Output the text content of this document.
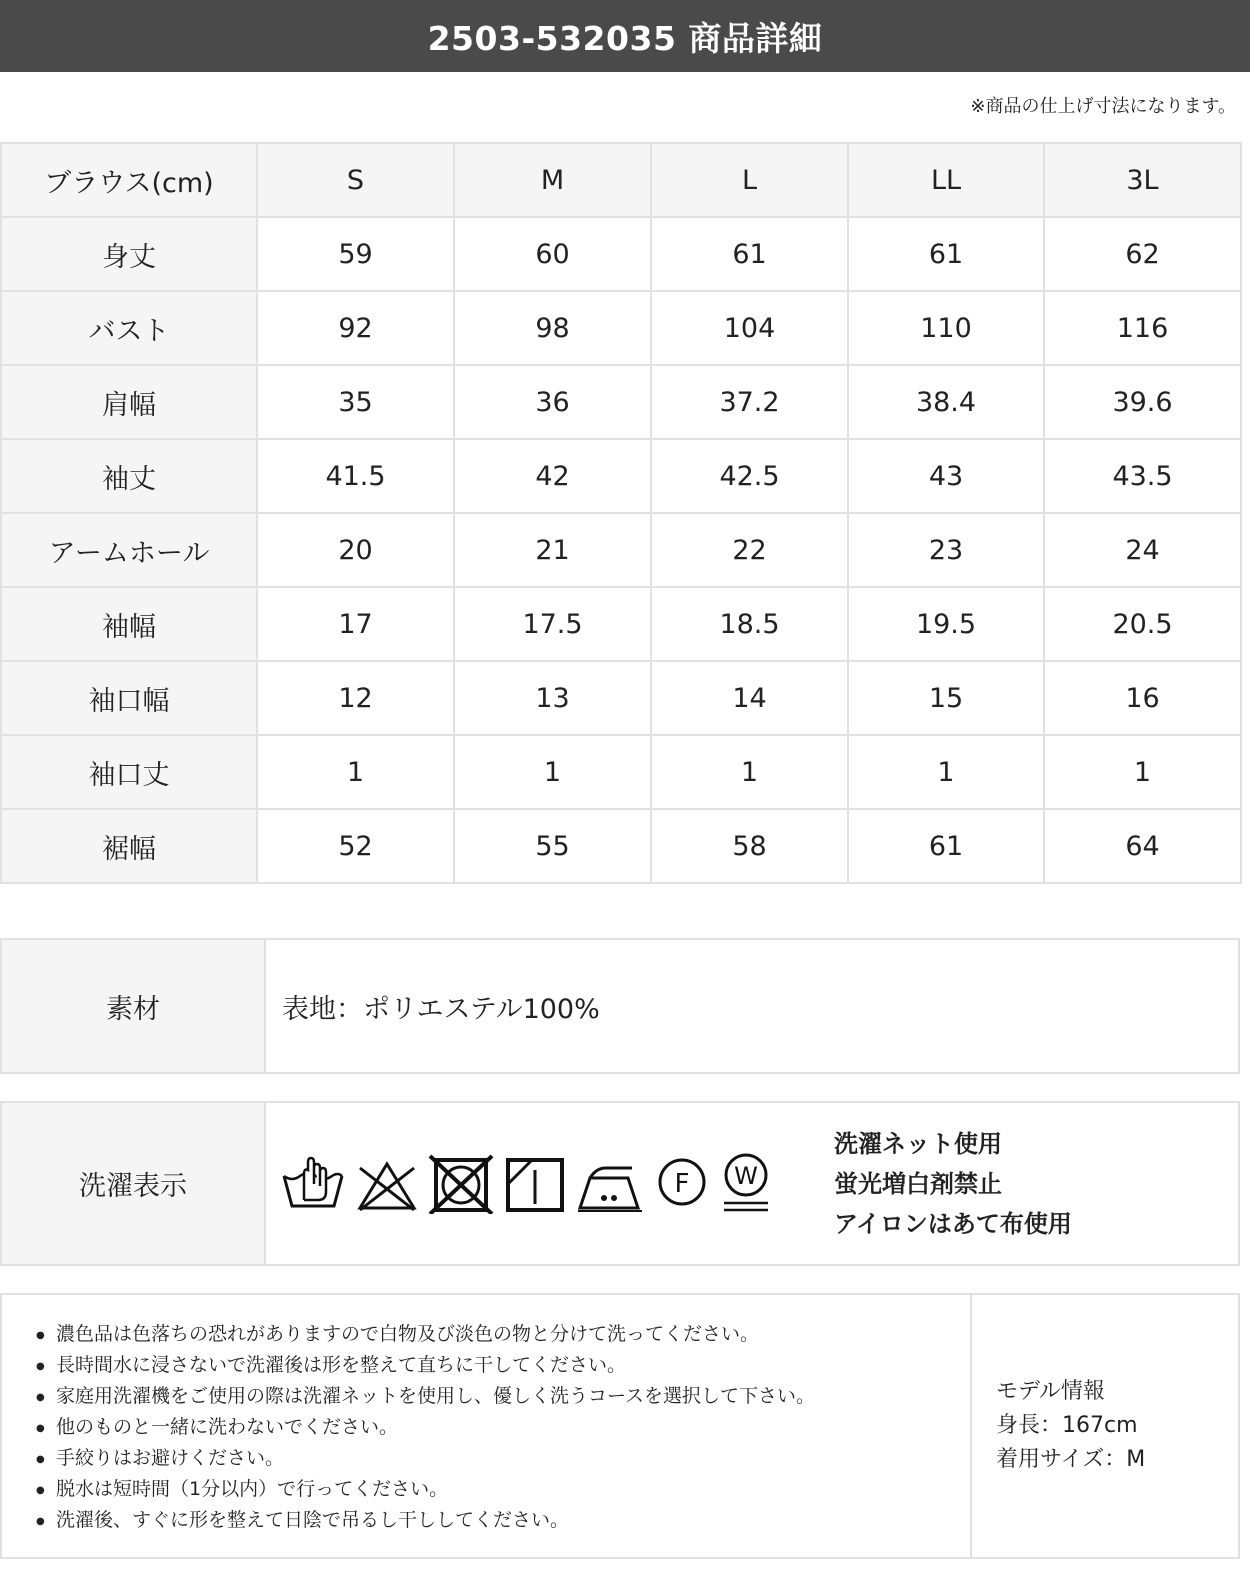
2503-532035 商品詳細
※商品の仕上げ寸法になります。
ブラウス(cm)	S	M	L	LL	3L
身丈	59	60	61	61	62
バスト	92	98	104	110	116
肩幅	35	36	37.2	38.4	39.6
袖丈	41.5	42	42.5	43	43.5
アームホール	20	21	22	23	24
袖幅	17	17.5	18.5	19.5	20.5
袖口幅	12	13	14	15	16
袖口丈	1	1	1	1	1
裾幅	52	55	58	61	64
素材	表地：ポリエステル100%
洗濯表示	F W
洗濯ネット使用
蛍光増白剤禁止
アイロンはあて布使用
● 濃色品は色落ちの恐れがありますので白物及び淡色の物と分けて洗ってください。
● 長時間水に浸さないで洗濯後は形を整えて直ちに干してください。
● 家庭用洗濯機をご使用の際は洗濯ネットを使用し、優しく洗うコースを選択して下さい。
● 他のものと一緒に洗わないでください。
● 手絞りはお避けください。
● 脱水は短時間（1分以内）で行ってください。
● 洗濯後、すぐに形を整えて日陰で吊るし干ししてください。
モデル情報
身長：167cm
着用サイズ：M
